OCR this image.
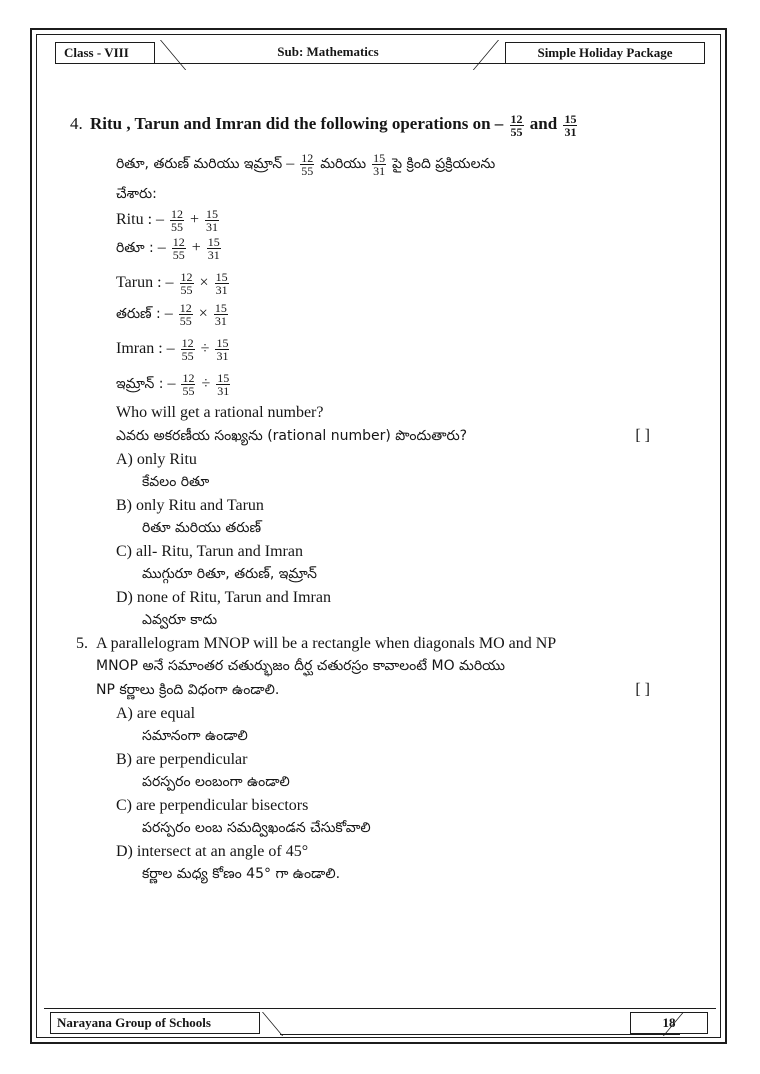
Class - VIII	Sub: Mathematics	Simple Holiday Package
4. Ritu , Tarun and Imran did the following operations on – $\frac{12}{55}$ and $\frac{15}{31}$
రితూ, తరుణ్ మరియు ఇమ్రాన్ – $\frac{12}{55}$ మరియు $\frac{15}{31}$ పై క్రింది ప్రక్రియలను
చేశారు:
Ritu : – $\frac{12}{55} + \frac{15}{31}$
రితూ : – $\frac{12}{55} + \frac{15}{31}$
Tarun : – $\frac{12}{55} \times \frac{15}{31}$
తరుణ్ : – $\frac{12}{55} \times \frac{15}{31}$
Imran : – $\frac{12}{55} \div \frac{15}{31}$
ఇమ్రాన్ : – $\frac{12}{55} \div \frac{15}{31}$
Who will get a rational number?
ఎవరు అకరణీయ సంఖ్యను (rational number) పొందుతారు?	[ ]
A) only Ritu
కేవలం రితూ
B) only Ritu and Tarun
రితూ మరియు తరుణ్
C) all- Ritu, Tarun and Imran
ముగ్గురూ రితూ, తరుణ్, ఇమ్రాన్
D) none of Ritu, Tarun and Imran
ఎవ్వరూ కాదు
5. A parallelogram MNOP will be a rectangle when diagonals MO and NP
MNOP అనే సమాంతర చతుర్భుజం దీర్ఘ చతురస్రం కావాలంటే MO మరియు
NP కర్ణాలు క్రింది విధంగా ఉండాలి.	[ ]
A) are equal
సమానంగా ఉండాలి
B) are perpendicular
పరస్పరం లంబంగా ఉండాలి
C) are perpendicular bisectors
పరస్పరం లంబ సమద్విఖండన చేసుకోవాలి
D) intersect at an angle of 45°
కర్ణాల మధ్య కోణం 45° గా ఉండాలి.
Narayana Group of Schools	18
